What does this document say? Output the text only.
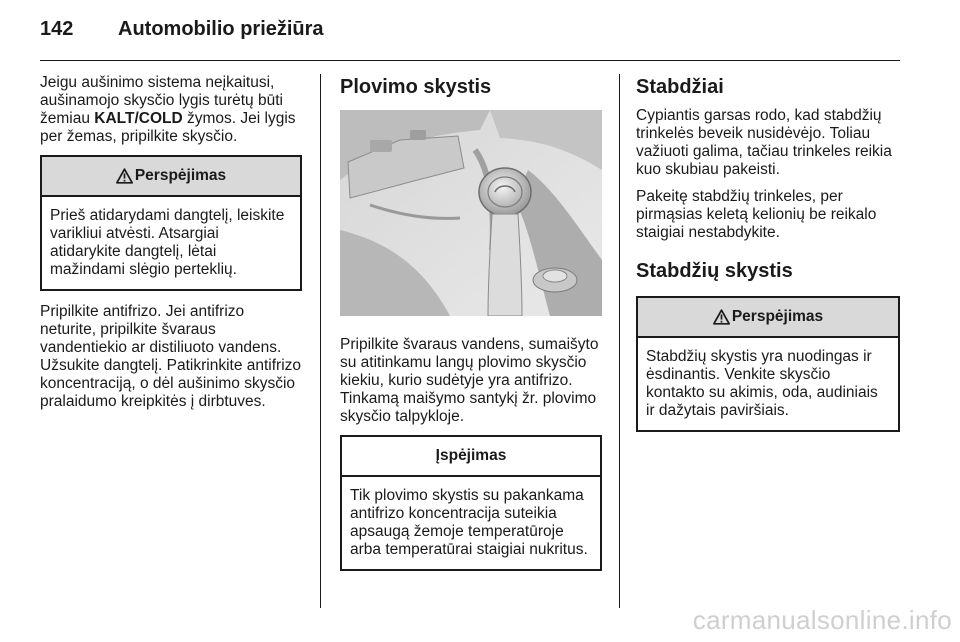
142	Automobilio priežiūra

Jeigu aušinimo sistema neįkaitusi, aušinamojo skysčio lygis turėtų būti žemiau KALT/COLD žymos. Jei lygis per žemas, pripilkite skysčio.

Perspėjimas
Prieš atidarydami dangtelį, leiskite varikliui atvėsti. Atsargiai atidarykite dangtelį, lėtai mažindami slėgio perteklių.

Pripilkite antifrizo. Jei antifrizo neturite, pripilkite švaraus vandentiekio ar distiliuoto vandens. Užsukite dangtelį. Patikrinkite antifrizo koncentraciją, o dėl aušinimo skysčio pralaidumo kreipkitės į dirbtuves.

Plovimo skystis

Pripilkite švaraus vandens, sumaišyto su atitinkamu langų plovimo skysčio kiekiu, kurio sudėtyje yra antifrizo. Tinkamą maišymo santykį žr. plovimo skysčio talpykloje.

Įspėjimas
Tik plovimo skystis su pakankama antifrizo koncentracija suteikia apsaugą žemoje temperatūroje arba temperatūrai staigiai nukritus.
Stabdžiai

Cypiantis garsas rodo, kad stabdžių trinkelės beveik nusidėvėjo. Toliau važiuoti galima, tačiau trinkeles reikia kuo skubiau pakeisti.

Pakeitę stabdžių trinkeles, per pirmąsias keletą kelionių be reikalo staigiai nestabdykite.

Stabdžių skystis
Perspėjimas
Stabdžių skystis yra nuodingas ir ėsdinantis. Venkite skysčio kontakto su akimis, oda, audiniais ir dažytais paviršiais.
carmanualsonline.info
